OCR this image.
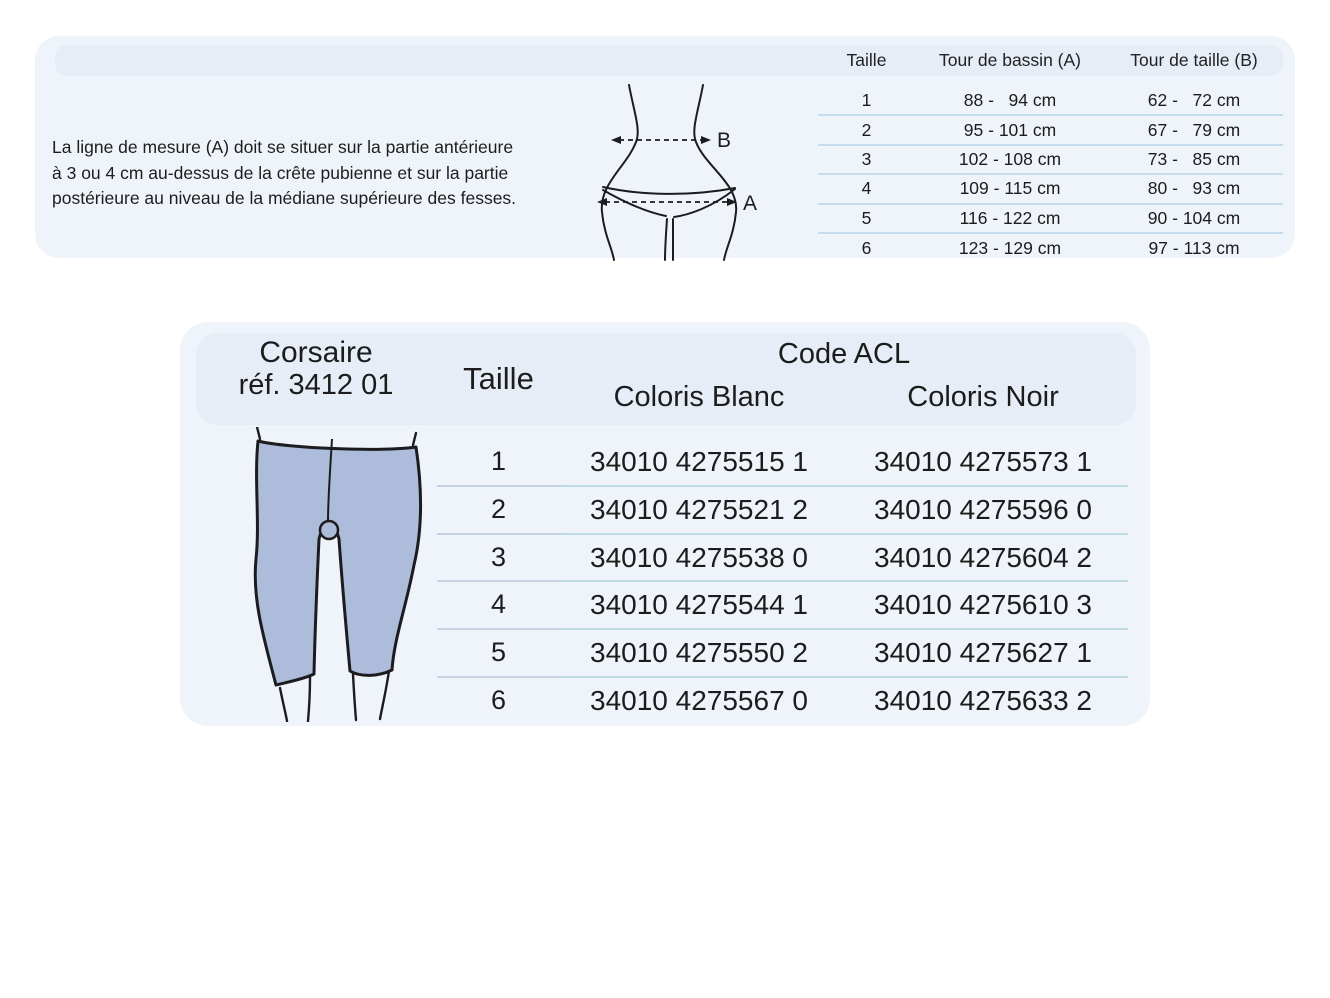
La ligne de mesure (A) doit se situer sur la partie antérieure
à 3 ou 4 cm au-dessus de la crête pubienne et sur la partie
postérieure au niveau de la médiane supérieure des fesses.
B
A
Taille	Tour de bassin (A)	Tour de taille (B)
1	88 -   94 cm	62 -   72 cm
2	95 - 101 cm	67 -   79 cm
3	102 - 108 cm	73 -   85 cm
4	109 - 115 cm	80 -   93 cm
5	116 - 122 cm	90 - 104 cm
6	123 - 129 cm	97 - 113 cm
Corsaire
réf. 3412 01	Taille
Code ACL
Coloris Blanc	Coloris Noir
1	34010 4275515 1	34010 4275573 1
2	34010 4275521 2	34010 4275596 0
3	34010 4275538 0	34010 4275604 2
4	34010 4275544 1	34010 4275610 3
5	34010 4275550 2	34010 4275627 1
6	34010 4275567 0	34010 4275633 2
